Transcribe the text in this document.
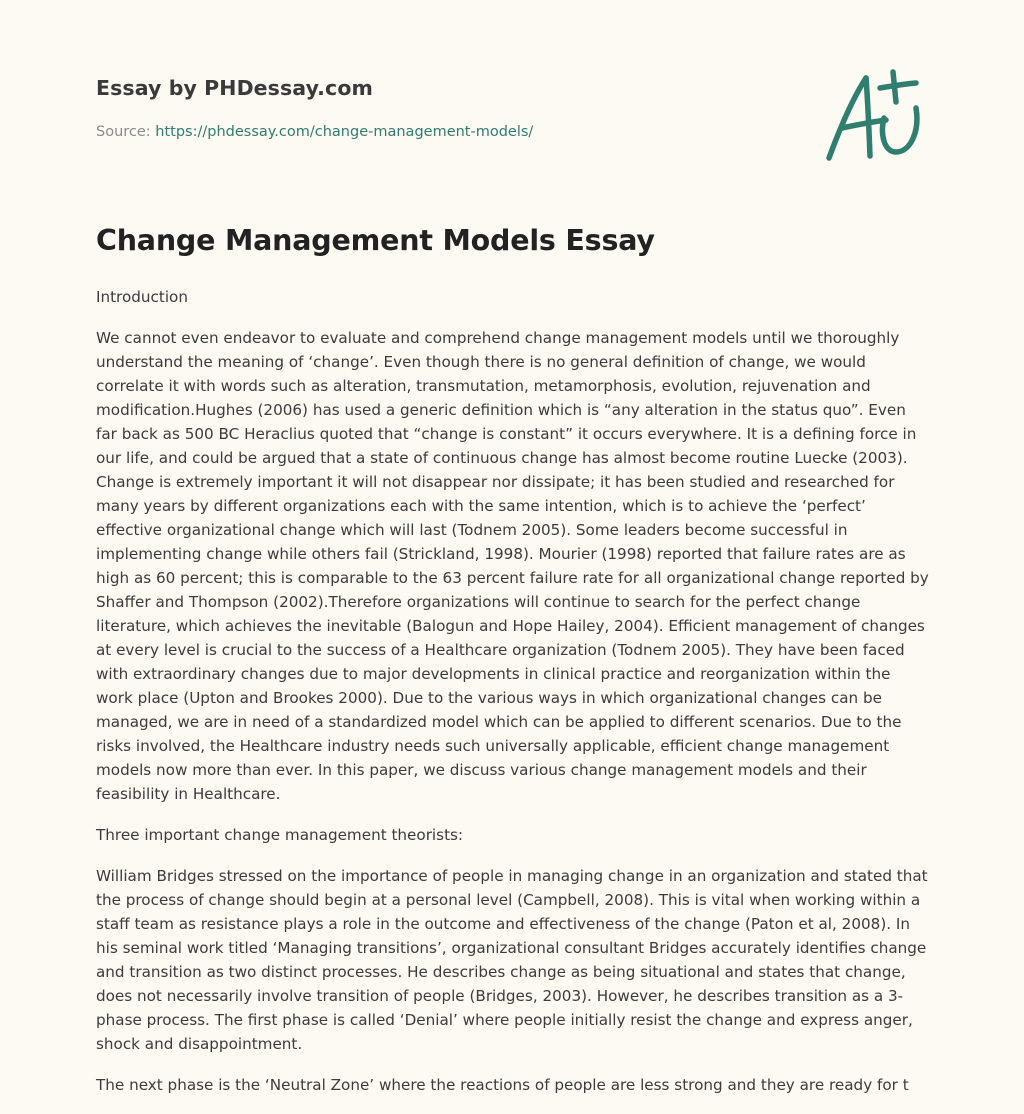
Essay by PHDessay.com
Source: https://phdessay.com/change-management-models/
Change Management Models Essay

Introduction

We cannot even endeavor to evaluate and comprehend change management models until we thoroughly understand the meaning of ‘change’. Even though there is no general definition of change, we would correlate it with words such as alteration, transmutation, metamorphosis, evolution, rejuvenation and modification.Hughes (2006) has used a generic definition which is “any alteration in the status quo”. Even far back as 500 BC Heraclius quoted that “change is constant” it occurs everywhere. It is a defining force in our life, and could be argued that a state of continuous change has almost become routine Luecke (2003). Change is extremely important it will not disappear nor dissipate; it has been studied and researched for many years by different organizations each with the same intention, which is to achieve the ‘perfect’ effective organizational change which will last (Todnem 2005). Some leaders become successful in implementing change while others fail (Strickland, 1998). Mourier (1998) reported that failure rates are as high as 60 percent; this is comparable to the 63 percent failure rate for all organizational change reported by Shaffer and Thompson (2002).Therefore organizations will continue to search for the perfect change literature, which achieves the inevitable (Balogun and Hope Hailey, 2004). Efficient management of changes at every level is crucial to the success of a Healthcare organization (Todnem 2005). They have been faced with extraordinary changes due to major developments in clinical practice and reorganization within the work place (Upton and Brookes 2000). Due to the various ways in which organizational changes can be managed, we are in need of a standardized model which can be applied to different scenarios. Due to the risks involved, the Healthcare industry needs such universally applicable, efficient change management models now more than ever. In this paper, we discuss various change management models and their feasibility in Healthcare.

Three important change management theorists:

William Bridges stressed on the importance of people in managing change in an organization and stated that the process of change should begin at a personal level (Campbell, 2008). This is vital when working within a staff team as resistance plays a role in the outcome and effectiveness of the change (Paton et al, 2008). In his seminal work titled ‘Managing transitions’, organizational consultant Bridges accurately identifies change and transition as two distinct processes. He describes change as being situational and states that change, does not necessarily involve transition of people (Bridges, 2003). However, he describes transition as a 3-phase process. The first phase is called ‘Denial’ where people initially resist the change and express anger, shock and disappointment.

The next phase is the ‘Neutral Zone’ where the reactions of people are less strong and they are ready for t
